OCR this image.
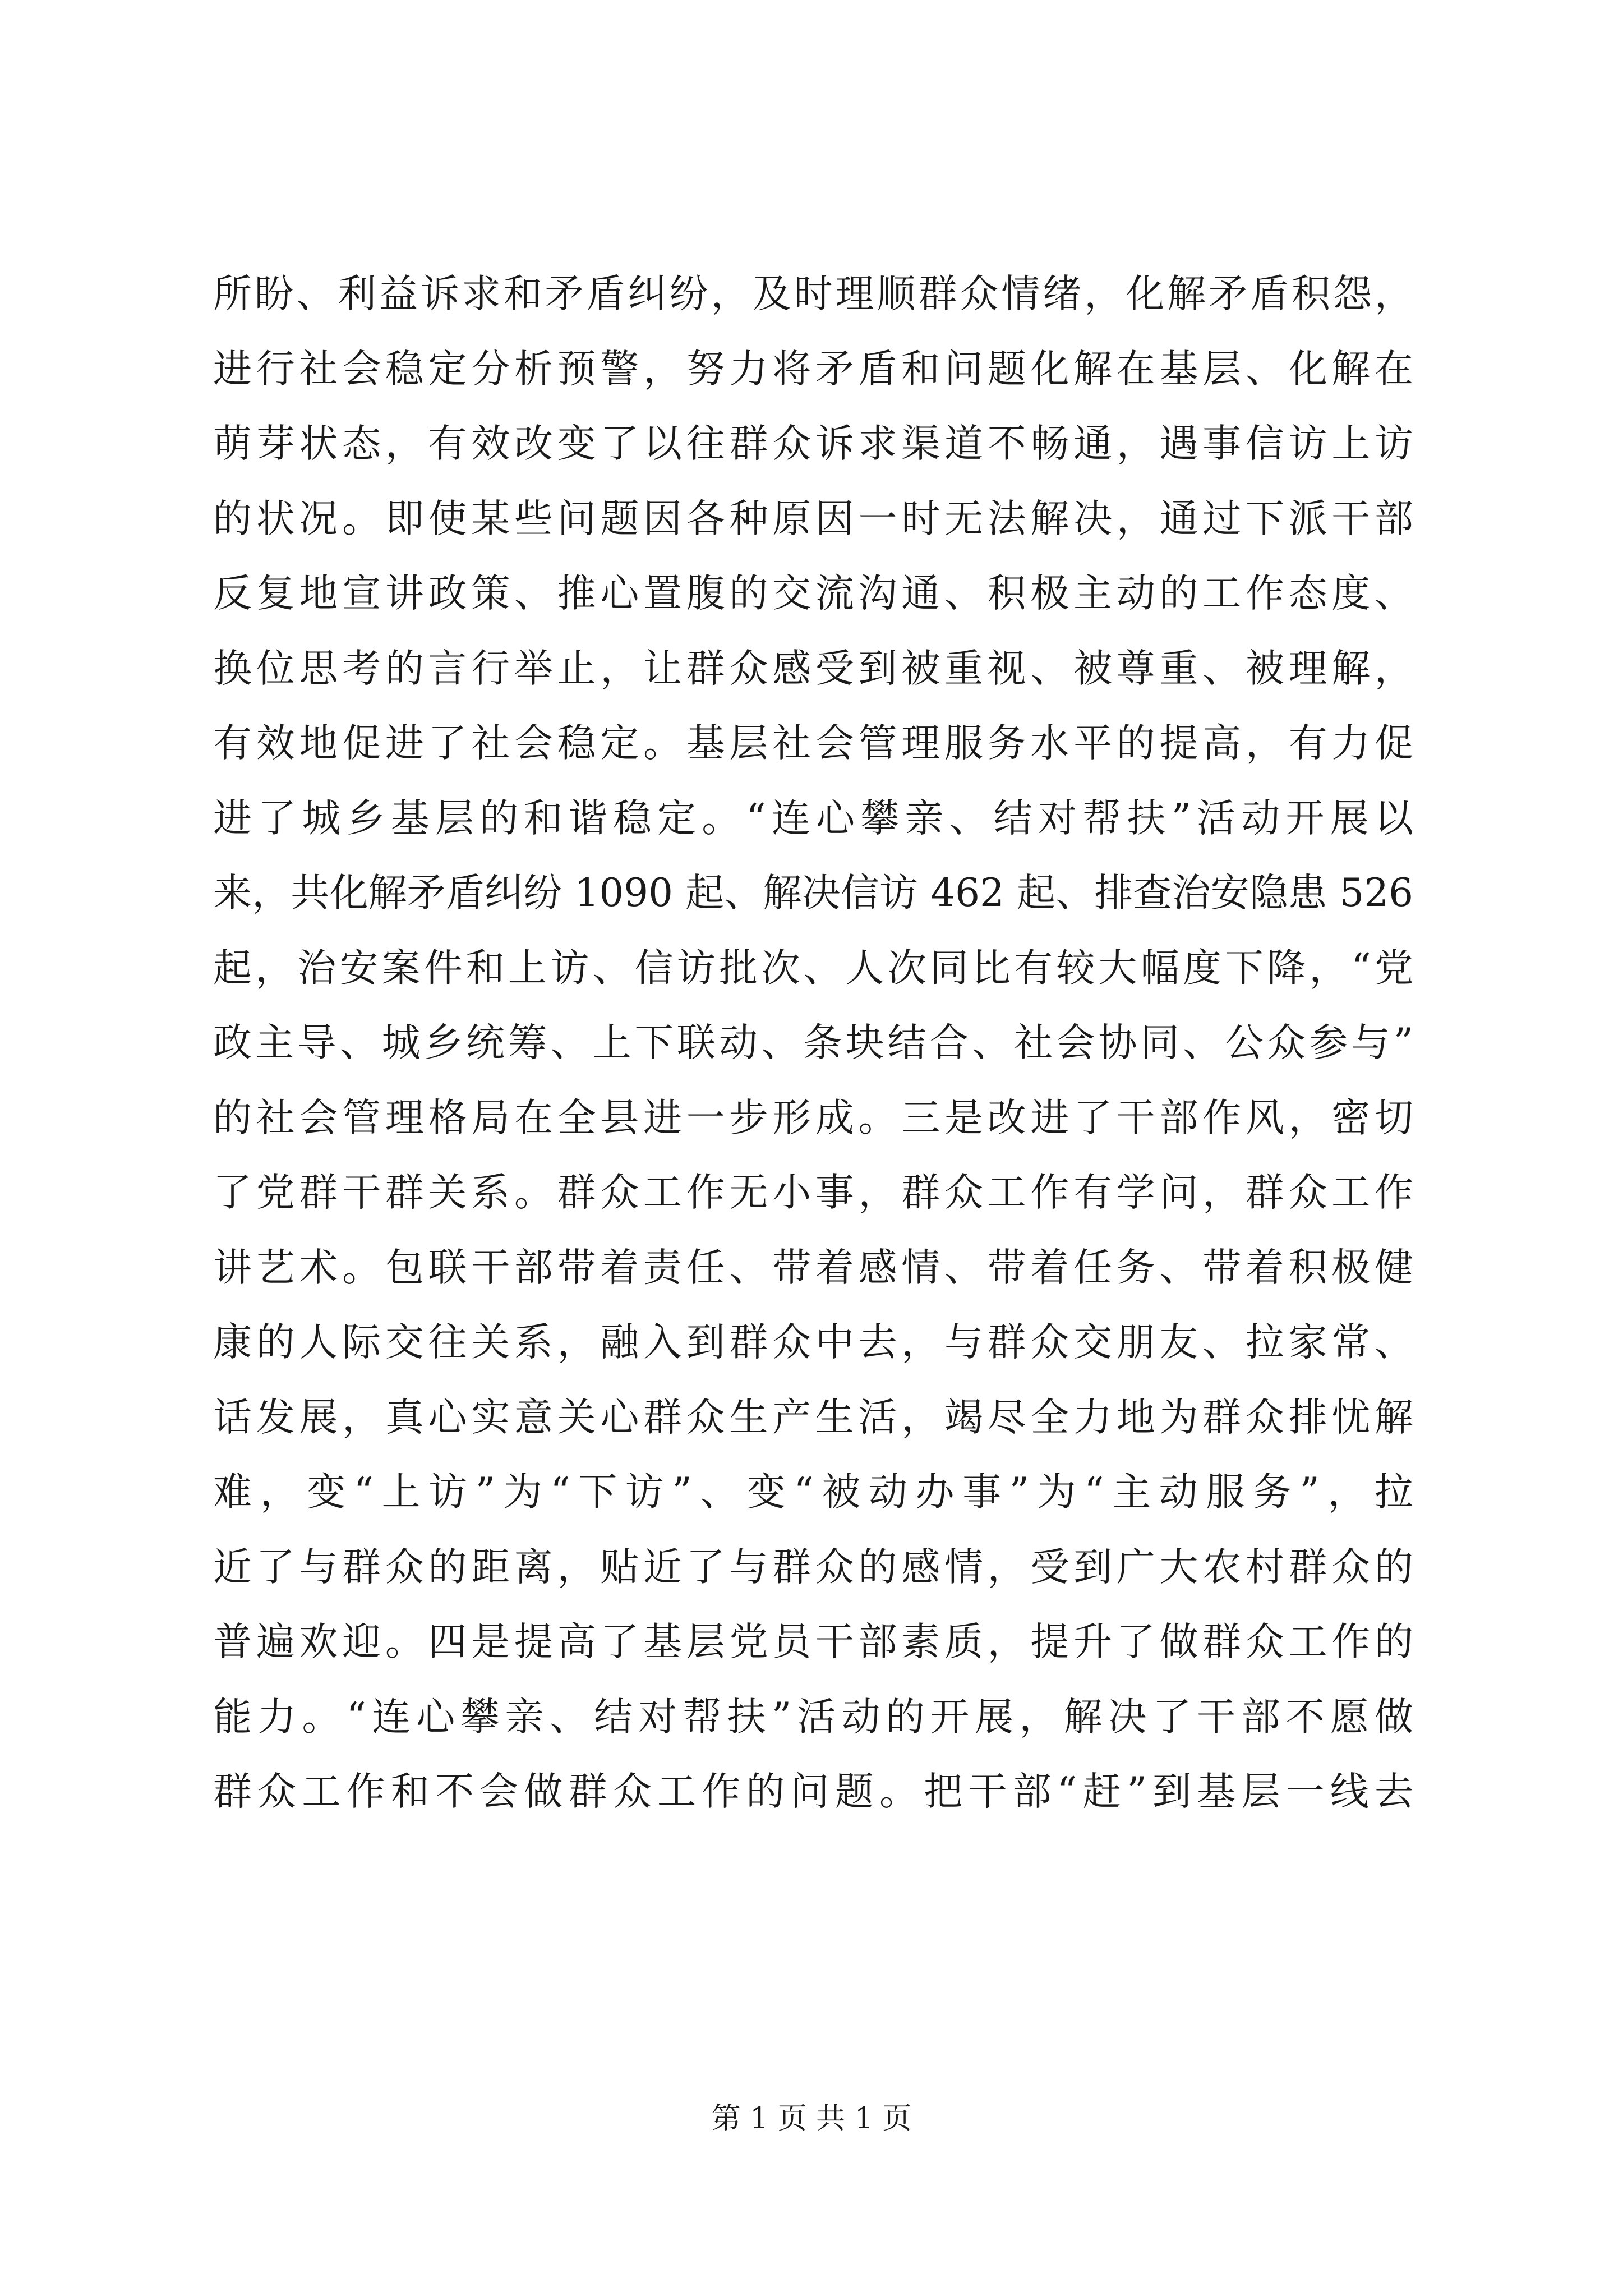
所盼、利益诉求和矛盾纠纷，及时理顺群众情绪，化解矛盾积怨，
进行社会稳定分析预警，努力将矛盾和问题化解在基层、化解在
萌芽状态，有效改变了以往群众诉求渠道不畅通，遇事信访上访
的状况。即使某些问题因各种原因一时无法解决，通过下派干部
反复地宣讲政策、推心置腹的交流沟通、积极主动的工作态度、
换位思考的言行举止，让群众感受到被重视、被尊重、被理解，
有效地促进了社会稳定。基层社会管理服务水平的提高，有力促
进了城乡基层的和谐稳定。“连心攀亲、结对帮扶”活动开展以
来，共化解矛盾纠纷 1090 起、解决信访 462 起、排查治安隐患 526
起，治安案件和上访、信访批次、人次同比有较大幅度下降，“党
政主导、城乡统筹、上下联动、条块结合、社会协同、公众参与”
的社会管理格局在全县进一步形成。三是改进了干部作风，密切
了党群干群关系。群众工作无小事，群众工作有学问，群众工作
讲艺术。包联干部带着责任、带着感情、带着任务、带着积极健
康的人际交往关系，融入到群众中去，与群众交朋友、拉家常、
话发展，真心实意关心群众生产生活，竭尽全力地为群众排忧解
难，变“上访”为“下访”、变“被动办事”为“主动服务”，拉
近了与群众的距离，贴近了与群众的感情，受到广大农村群众的
普遍欢迎。四是提高了基层党员干部素质，提升了做群众工作的
能力。“连心攀亲、结对帮扶”活动的开展，解决了干部不愿做
群众工作和不会做群众工作的问题。把干部“赶”到基层一线去
第 1 页 共 1 页
